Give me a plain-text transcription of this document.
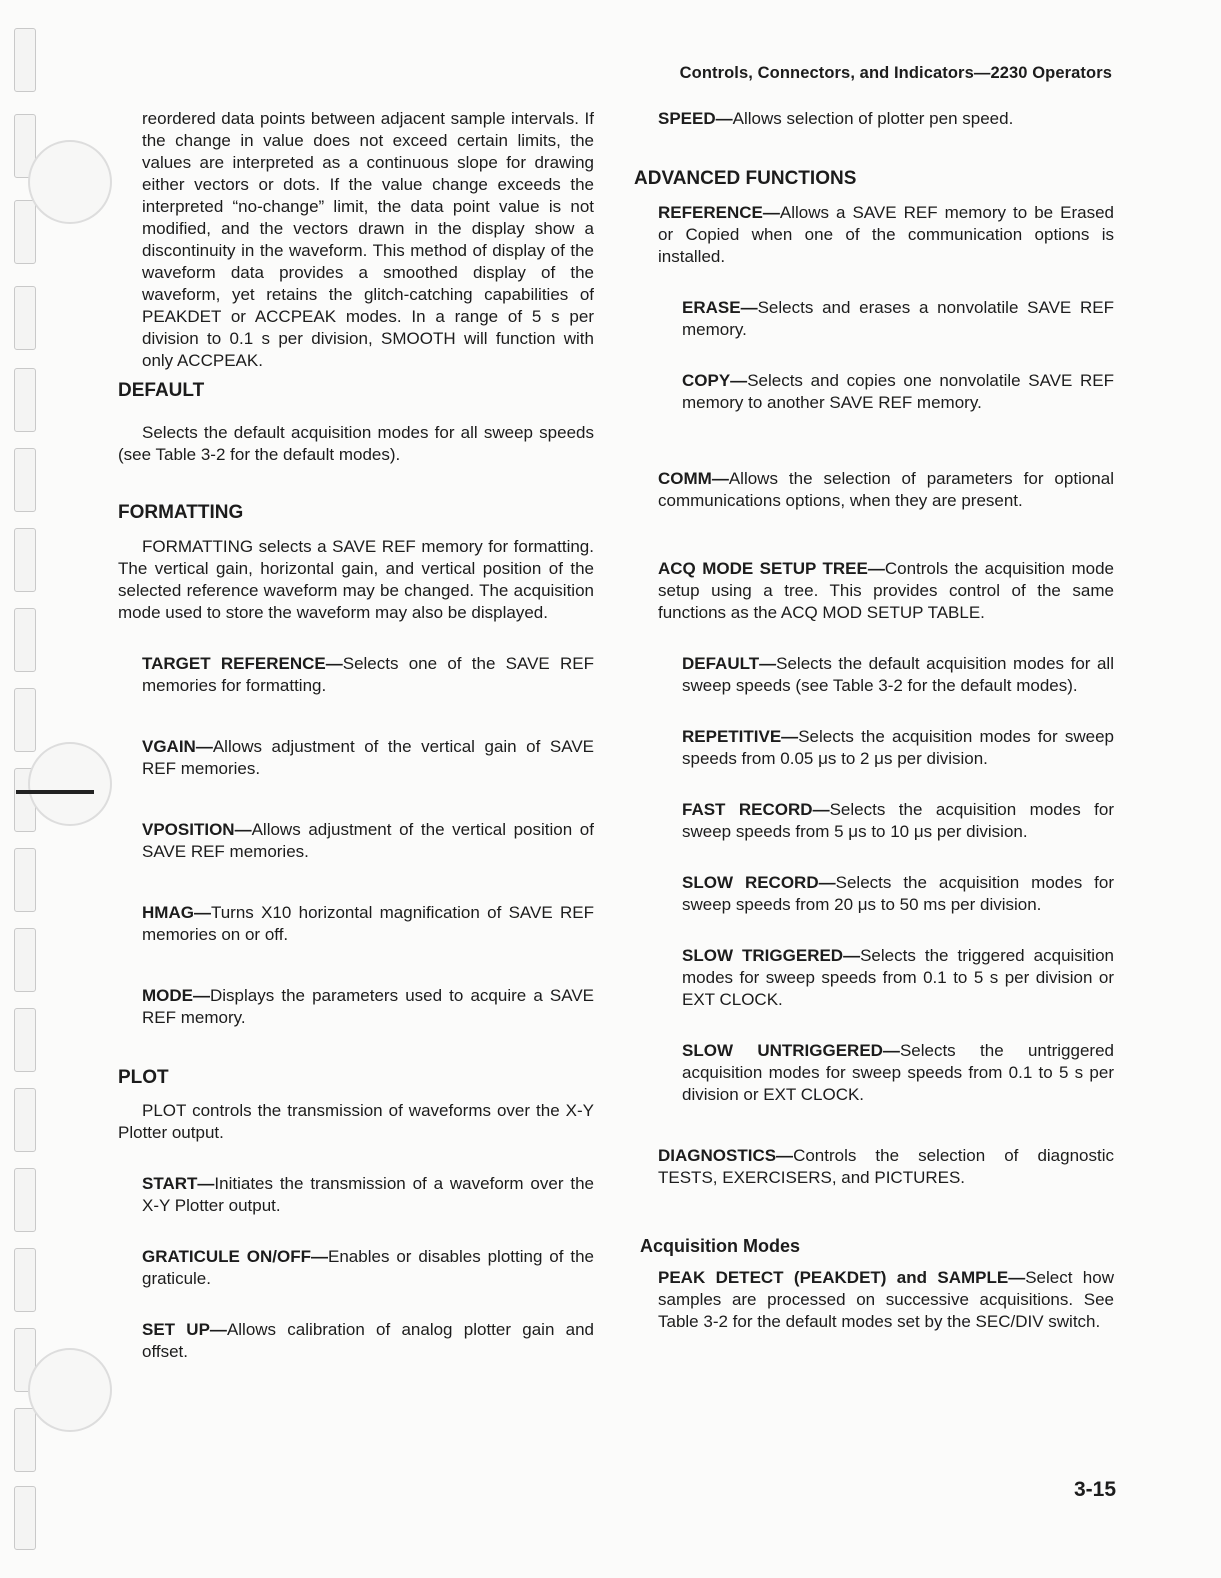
Controls, Connectors, and Indicators—2230 Operators

reordered data points between adjacent sample intervals. If the change in value does not exceed certain limits, the values are interpreted as a continuous slope for drawing either vectors or dots. If the value change exceeds the interpreted “no-change” limit, the data point value is not modified, and the vectors drawn in the display show a discontinuity in the waveform. This method of display of the waveform data provides a smoothed display of the waveform, yet retains the glitch-catching capabilities of PEAKDET or ACCPEAK modes. In a range of 5 s per division to 0.1 s per division, SMOOTH will function with only ACCPEAK.

DEFAULT

Selects the default acquisition modes for all sweep speeds (see Table 3-2 for the default modes).

FORMATTING

FORMATTING selects a SAVE REF memory for formatting. The vertical gain, horizontal gain, and vertical position of the selected reference waveform may be changed. The acquisition mode used to store the waveform may also be displayed.

TARGET REFERENCE—Selects one of the SAVE REF memories for formatting.

VGAIN—Allows adjustment of the vertical gain of SAVE REF memories.

VPOSITION—Allows adjustment of the vertical position of SAVE REF memories.

HMAG—Turns X10 horizontal magnification of SAVE REF memories on or off.

MODE—Displays the parameters used to acquire a SAVE REF memory.

PLOT

PLOT controls the transmission of waveforms over the X-Y Plotter output.

START—Initiates the transmission of a waveform over the X-Y Plotter output.

GRATICULE ON/OFF—Enables or disables plotting of the graticule.

SET UP—Allows calibration of analog plotter gain and offset.

SPEED—Allows selection of plotter pen speed.

ADVANCED FUNCTIONS

REFERENCE—Allows a SAVE REF memory to be Erased or Copied when one of the communication options is installed.

ERASE—Selects and erases a nonvolatile SAVE REF memory.

COPY—Selects and copies one nonvolatile SAVE REF memory to another SAVE REF memory.

COMM—Allows the selection of parameters for optional communications options, when they are present.

ACQ MODE SETUP TREE—Controls the acquisition mode setup using a tree. This provides control of the same functions as the ACQ MOD SETUP TABLE.

DEFAULT—Selects the default acquisition modes for all sweep speeds (see Table 3-2 for the default modes).

REPETITIVE—Selects the acquisition modes for sweep speeds from 0.05 μs to 2 μs per division.

FAST RECORD—Selects the acquisition modes for sweep speeds from 5 μs to 10 μs per division.

SLOW RECORD—Selects the acquisition modes for sweep speeds from 20 μs to 50 ms per division.

SLOW TRIGGERED—Selects the triggered acquisition modes for sweep speeds from 0.1 to 5 s per division or EXT CLOCK.

SLOW UNTRIGGERED—Selects the untriggered acquisition modes for sweep speeds from 0.1 to 5 s per division or EXT CLOCK.

DIAGNOSTICS—Controls the selection of diagnostic TESTS, EXERCISERS, and PICTURES.

Acquisition Modes

PEAK DETECT (PEAKDET) and SAMPLE—Select how samples are processed on successive acquisitions. See Table 3-2 for the default modes set by the SEC/DIV switch.

3-15
